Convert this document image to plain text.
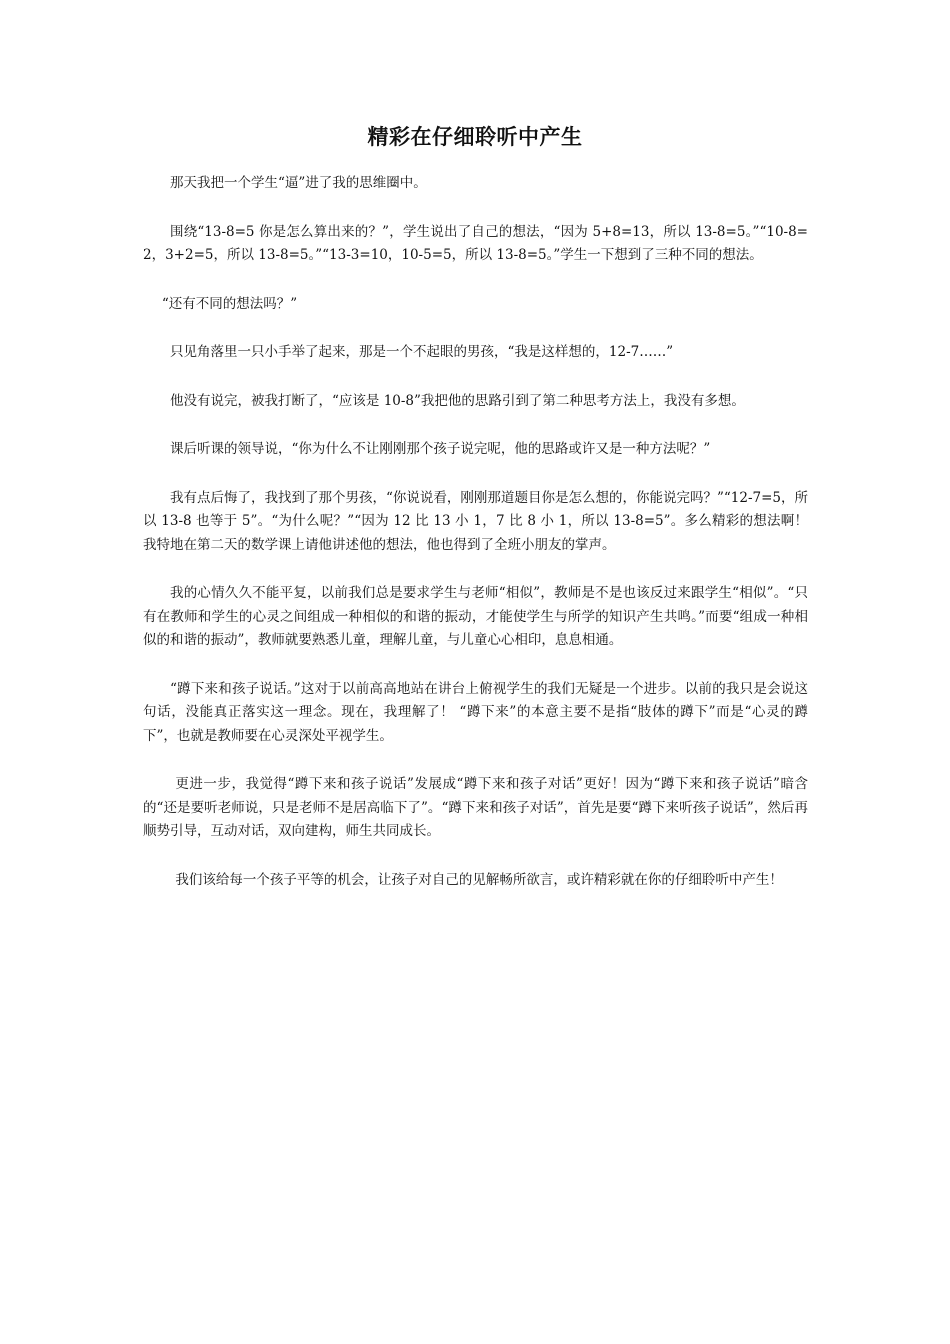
精彩在仔细聆听中产生

那天我把一个学生“逼”进了我的思维圈中。

围绕“13-8=5 你是怎么算出来的？”，学生说出了自己的想法，“因为 5+8=13，所以 13-8=5。”“10-8=2，3+2=5，所以 13-8=5。”“13-3=10，10-5=5，所以 13-8=5。”学生一下想到了三种不同的想法。

“还有不同的想法吗？”

只见角落里一只小手举了起来，那是一个不起眼的男孩，“我是这样想的，12-7……”

他没有说完，被我打断了，“应该是 10-8”我把他的思路引到了第二种思考方法上，我没有多想。

课后听课的领导说，“你为什么不让刚刚那个孩子说完呢，他的思路或许又是一种方法呢？”

我有点后悔了，我找到了那个男孩，“你说说看，刚刚那道题目你是怎么想的，你能说完吗？”“12-7=5，所以 13-8 也等于 5”。“为什么呢？”“因为 12 比 13 小 1，7 比 8 小 1，所以 13-8=5”。多么精彩的想法啊！我特地在第二天的数学课上请他讲述他的想法，他也得到了全班小朋友的掌声。

我的心情久久不能平复，以前我们总是要求学生与老师“相似”，教师是不是也该反过来跟学生“相似”。“只有在教师和学生的心灵之间组成一种相似的和谐的振动，才能使学生与所学的知识产生共鸣。”而要“组成一种相似的和谐的振动”，教师就要熟悉儿童，理解儿童，与儿童心心相印，息息相通。

“蹲下来和孩子说话。”这对于以前高高地站在讲台上俯视学生的我们无疑是一个进步。以前的我只是会说这句话，没能真正落实这一理念。现在，我理解了！ “蹲下来”的本意主要不是指“肢体的蹲下”而是“心灵的蹲下”，也就是教师要在心灵深处平视学生。

更进一步，我觉得“蹲下来和孩子说话”发展成“蹲下来和孩子对话”更好！因为“蹲下来和孩子说话”暗含的“还是要听老师说，只是老师不是居高临下了”。“蹲下来和孩子对话”，首先是要“蹲下来听孩子说话”，然后再顺势引导，互动对话，双向建构，师生共同成长。

我们该给每一个孩子平等的机会，让孩子对自己的见解畅所欲言，或许精彩就在你的仔细聆听中产生！
